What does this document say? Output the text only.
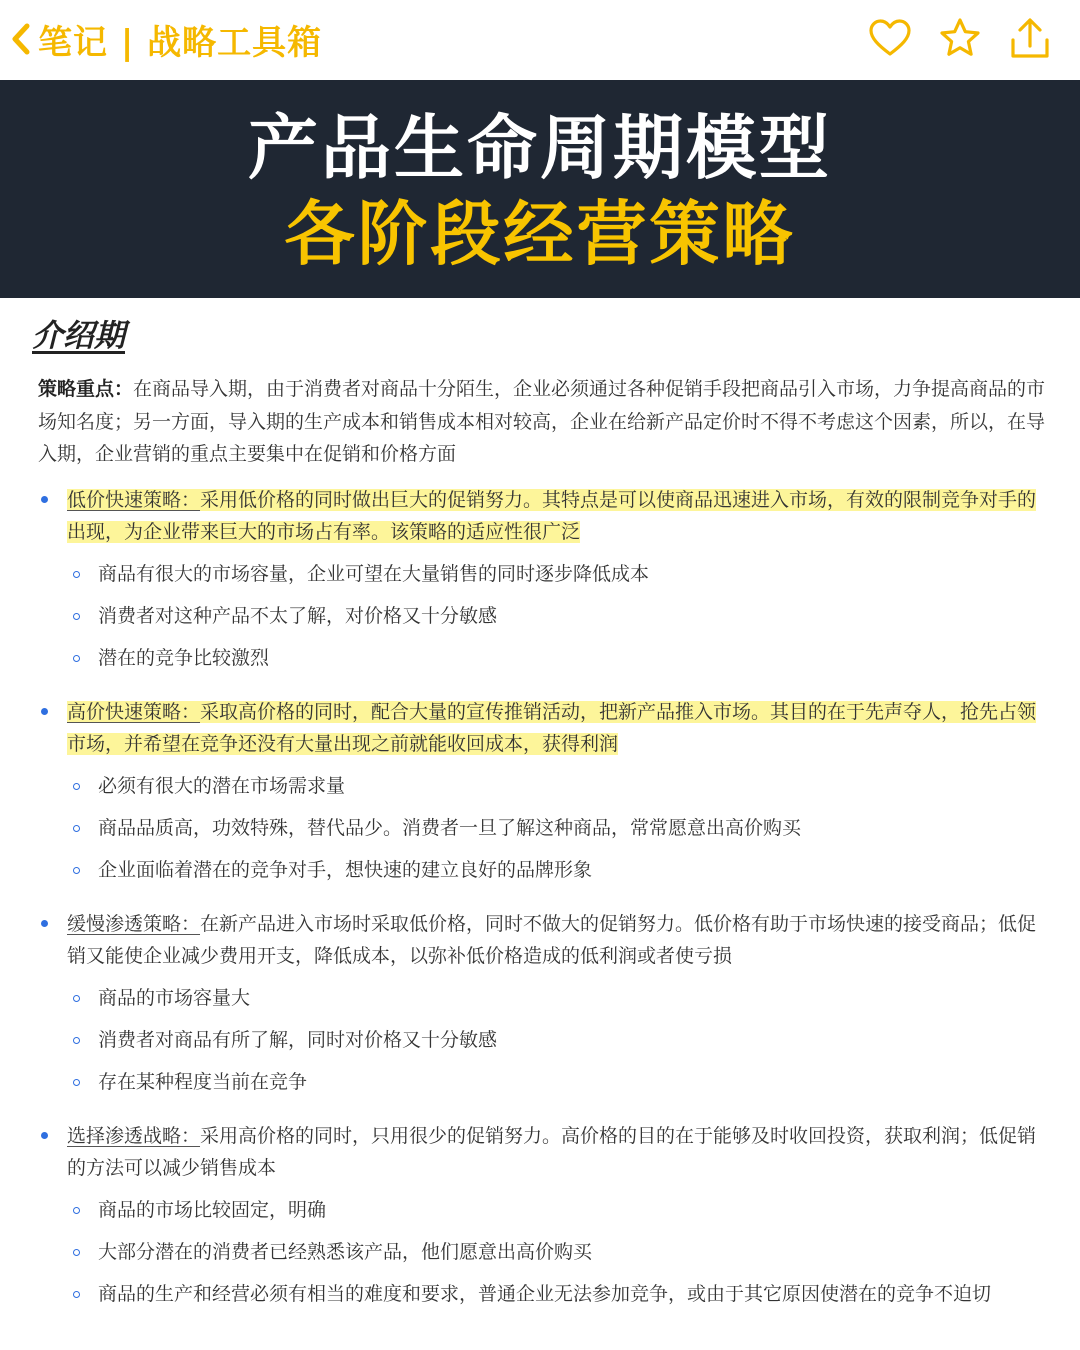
笔记 | 战略工具箱
产品生命周期模型
各阶段经营策略
介绍期

策略重点：在商品导入期，由于消费者对商品十分陌生，企业必须通过各种促销手段把商品引入市场，力争提高商品的市场知名度；另一方面，导入期的生产成本和销售成本相对较高，企业在给新产品定价时不得不考虑这个因素，所以，在导入期，企业营销的重点主要集中在促销和价格方面

低价快速策略：采用低价格的同时做出巨大的促销努力。其特点是可以使商品迅速进入市场，有效的限制竞争对手的出现，为企业带来巨大的市场占有率。该策略的适应性很广泛
商品有很大的市场容量，企业可望在大量销售的同时逐步降低成本
消费者对这种产品不太了解，对价格又十分敏感
潜在的竞争比较激烈
高价快速策略：采取高价格的同时，配合大量的宣传推销活动，把新产品推入市场。其目的在于先声夺人，抢先占领市场，并希望在竞争还没有大量出现之前就能收回成本，获得利润
必须有很大的潜在市场需求量
商品品质高，功效特殊，替代品少。消费者一旦了解这种商品，常常愿意出高价购买
企业面临着潜在的竞争对手，想快速的建立良好的品牌形象
缓慢渗透策略：在新产品进入市场时采取低价格，同时不做大的促销努力。低价格有助于市场快速的接受商品；低促销又能使企业减少费用开支，降低成本，以弥补低价格造成的低利润或者使亏损
商品的市场容量大
消费者对商品有所了解，同时对价格又十分敏感
存在某种程度当前在竞争
选择渗透战略：采用高价格的同时，只用很少的促销努力。高价格的目的在于能够及时收回投资，获取利润；低促销的方法可以减少销售成本
商品的市场比较固定，明确
大部分潜在的消费者已经熟悉该产品，他们愿意出高价购买
商品的生产和经营必须有相当的难度和要求，普通企业无法参加竞争，或由于其它原因使潜在的竞争不迫切
